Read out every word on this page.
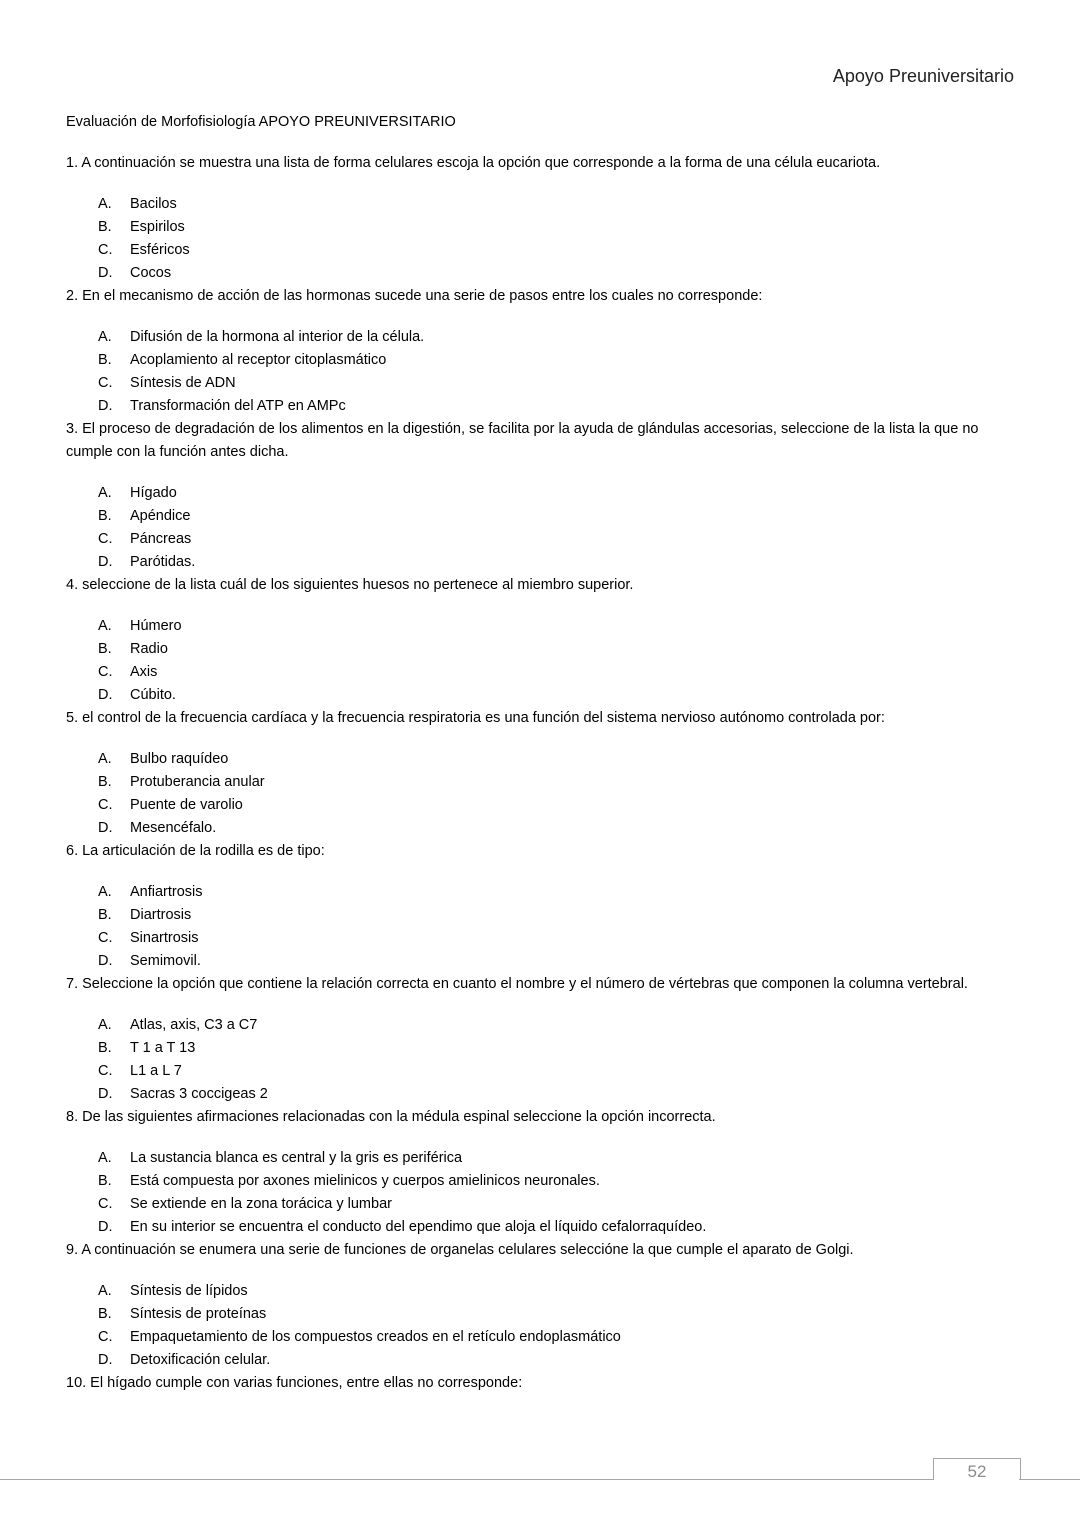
Apoyo Preuniversitario

Evaluación de Morfofisiología APOYO PREUNIVERSITARIO

1. A continuación se muestra una lista de forma celulares escoja la opción que corresponde a la forma de una célula eucariota.

A.	Bacilos
B.	Espirilos
C.	Esféricos
D.	Cocos

2. En el mecanismo de acción de las hormonas sucede una serie de pasos entre los cuales no corresponde:

A.	Difusión de la hormona al interior de la célula.
B.	Acoplamiento al receptor citoplasmático
C.	Síntesis de ADN
D.	Transformación del ATP en AMPc

3. El proceso de degradación de los alimentos en la digestión, se facilita por la ayuda de glándulas accesorias, seleccione de la lista la que no cumple con la función antes dicha.

A.	Hígado
B.	Apéndice
C.	Páncreas
D.	Parótidas.

4. seleccione de la lista cuál de los siguientes huesos no pertenece al miembro superior.

A.	Húmero
B.	Radio
C.	Axis
D.	Cúbito.

5. el control de la frecuencia cardíaca y la frecuencia respiratoria es una función del sistema nervioso autónomo controlada por:

A.	Bulbo raquídeo
B.	Protuberancia anular
C.	Puente de varolio
D.	Mesencéfalo.

6. La articulación de la rodilla es de tipo:

A.	Anfiartrosis
B.	Diartrosis
C.	Sinartrosis
D.	Semimovil.

7. Seleccione la opción que contiene la relación correcta en cuanto el nombre y el número de vértebras que componen la columna vertebral.

A.	Atlas, axis, C3 a C7
B.	T 1 a T 13
C.	L1 a L 7
D.	Sacras 3 coccigeas 2

8. De las siguientes afirmaciones relacionadas con la médula espinal seleccione la opción incorrecta.

A.	La sustancia blanca es central y la gris es periférica
B.	Está compuesta por axones mielinicos y cuerpos amielinicos neuronales.
C.	Se extiende en la zona torácica y lumbar
D.	En su interior se encuentra el conducto del ependimo que aloja el líquido cefalorraquídeo.

9. A continuación se enumera una serie de funciones de organelas celulares seleccióne la que cumple el aparato de Golgi.

A.	Síntesis de lípidos
B.	Síntesis de proteínas
C.	Empaquetamiento de los compuestos creados en el retículo endoplasmático
D.	Detoxificación celular.

10. El hígado cumple con varias funciones, entre ellas no corresponde:

52
